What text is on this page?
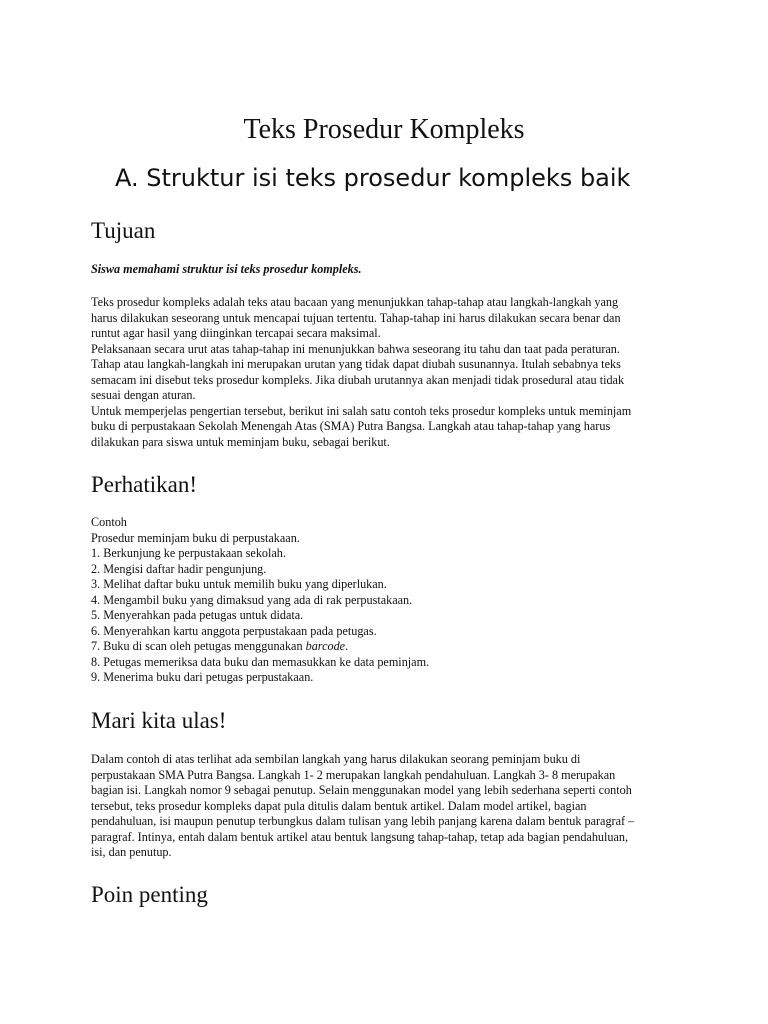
Teks Prosedur Kompleks
A. Struktur isi teks prosedur kompleks baik
Tujuan

Siswa memahami struktur isi teks prosedur kompleks.

Teks prosedur kompleks adalah teks atau bacaan yang menunjukkan tahap-tahap atau langkah-langkah yang
harus dilakukan seseorang untuk mencapai tujuan tertentu. Tahap-tahap ini harus dilakukan secara benar dan
runtut agar hasil yang diinginkan tercapai secara maksimal.
Pelaksanaan secara urut atas tahap-tahap ini menunjukkan bahwa seseorang itu tahu dan taat pada peraturan.
Tahap atau langkah-langkah ini merupakan urutan yang tidak dapat diubah susunannya. Itulah sebabnya teks
semacam ini disebut teks prosedur kompleks. Jika diubah urutannya akan menjadi tidak prosedural atau tidak
sesuai dengan aturan.
Untuk memperjelas pengertian tersebut, berikut ini salah satu contoh teks prosedur kompleks untuk meminjam
buku di perpustakaan Sekolah Menengah Atas (SMA) Putra Bangsa. Langkah atau tahap-tahap yang harus
dilakukan para siswa untuk meminjam buku, sebagai berikut.

Perhatikan!

Contoh
Prosedur meminjam buku di perpustakaan.
1. Berkunjung ke perpustakaan sekolah.
2. Mengisi daftar hadir pengunjung.
3. Melihat daftar buku untuk memilih buku yang diperlukan.
4. Mengambil buku yang dimaksud yang ada di rak perpustakaan.
5. Menyerahkan pada petugas untuk didata.
6. Menyerahkan kartu anggota perpustakaan pada petugas.
7. Buku di scan oleh petugas menggunakan barcode.
8. Petugas memeriksa data buku dan memasukkan ke data peminjam.
9. Menerima buku dari petugas perpustakaan.

Mari kita ulas!

Dalam contoh di atas terlihat ada sembilan langkah yang harus dilakukan seorang peminjam buku di
perpustakaan SMA Putra Bangsa. Langkah 1- 2 merupakan langkah pendahuluan. Langkah 3- 8 merupakan
bagian isi. Langkah nomor 9 sebagai penutup. Selain menggunakan model yang lebih sederhana seperti contoh
tersebut, teks prosedur kompleks dapat pula ditulis dalam bentuk artikel. Dalam model artikel, bagian
pendahuluan, isi maupun penutup terbungkus dalam tulisan yang lebih panjang karena dalam bentuk paragraf –
paragraf. Intinya, entah dalam bentuk artikel atau bentuk langsung tahap-tahap, tetap ada bagian pendahuluan,
isi, dan penutup.

Poin penting
